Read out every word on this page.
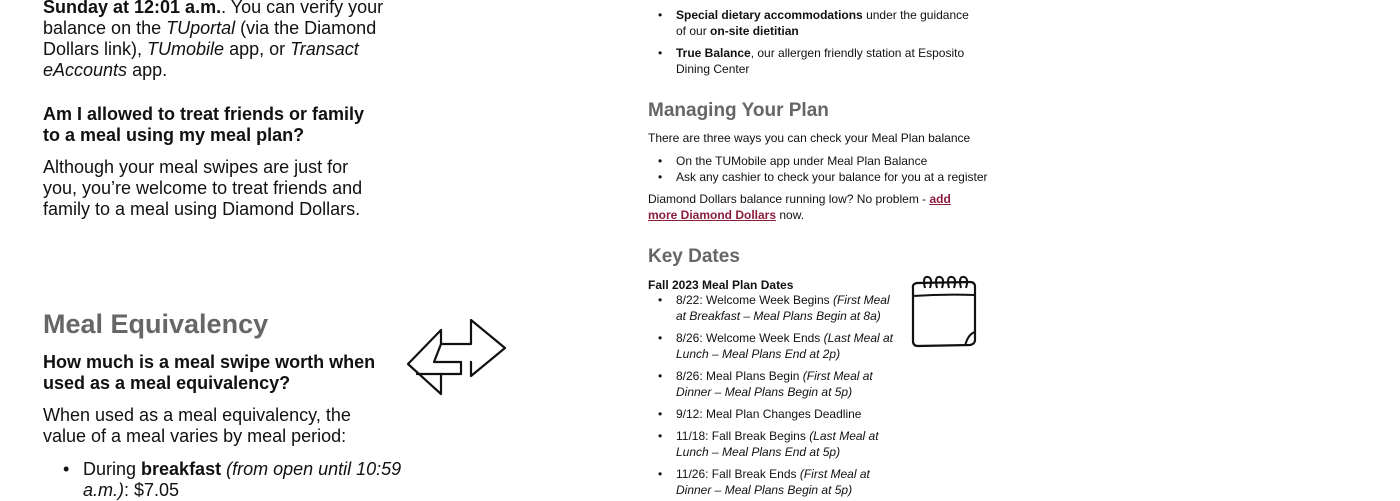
Sunday at 12:01 a.m.. You can verify your balance on the TUportal (via the Diamond Dollars link), TUmobile app, or Transact eAccounts app.
Am I allowed to treat friends or family to a meal using my meal plan?
Although your meal swipes are just for you, you’re welcome to treat friends and family to a meal using Diamond Dollars.
Meal Equivalency
How much is a meal swipe worth when used as a meal equivalency?
When used as a meal equivalency, the value of a meal varies by meal period:
• During breakfast (from open until 10:59 a.m.): $7.05
• Special dietary accommodations under the guidance of our on-site dietitian
• True Balance, our allergen friendly station at Esposito Dining Center
Managing Your Plan
There are three ways you can check your Meal Plan balance
• On the TUMobile app under Meal Plan Balance
• Ask any cashier to check your balance for you at a register
Diamond Dollars balance running low? No problem - add more Diamond Dollars now.
Key Dates
Fall 2023 Meal Plan Dates
• 8/22: Welcome Week Begins (First Meal at Breakfast – Meal Plans Begin at 8a)
• 8/26: Welcome Week Ends (Last Meal at Lunch – Meal Plans End at 2p)
• 8/26: Meal Plans Begin (First Meal at Dinner – Meal Plans Begin at 5p)
• 9/12: Meal Plan Changes Deadline
• 11/18: Fall Break Begins (Last Meal at Lunch – Meal Plans End at 5p)
• 11/26: Fall Break Ends (First Meal at Dinner – Meal Plans Begin at 5p)
